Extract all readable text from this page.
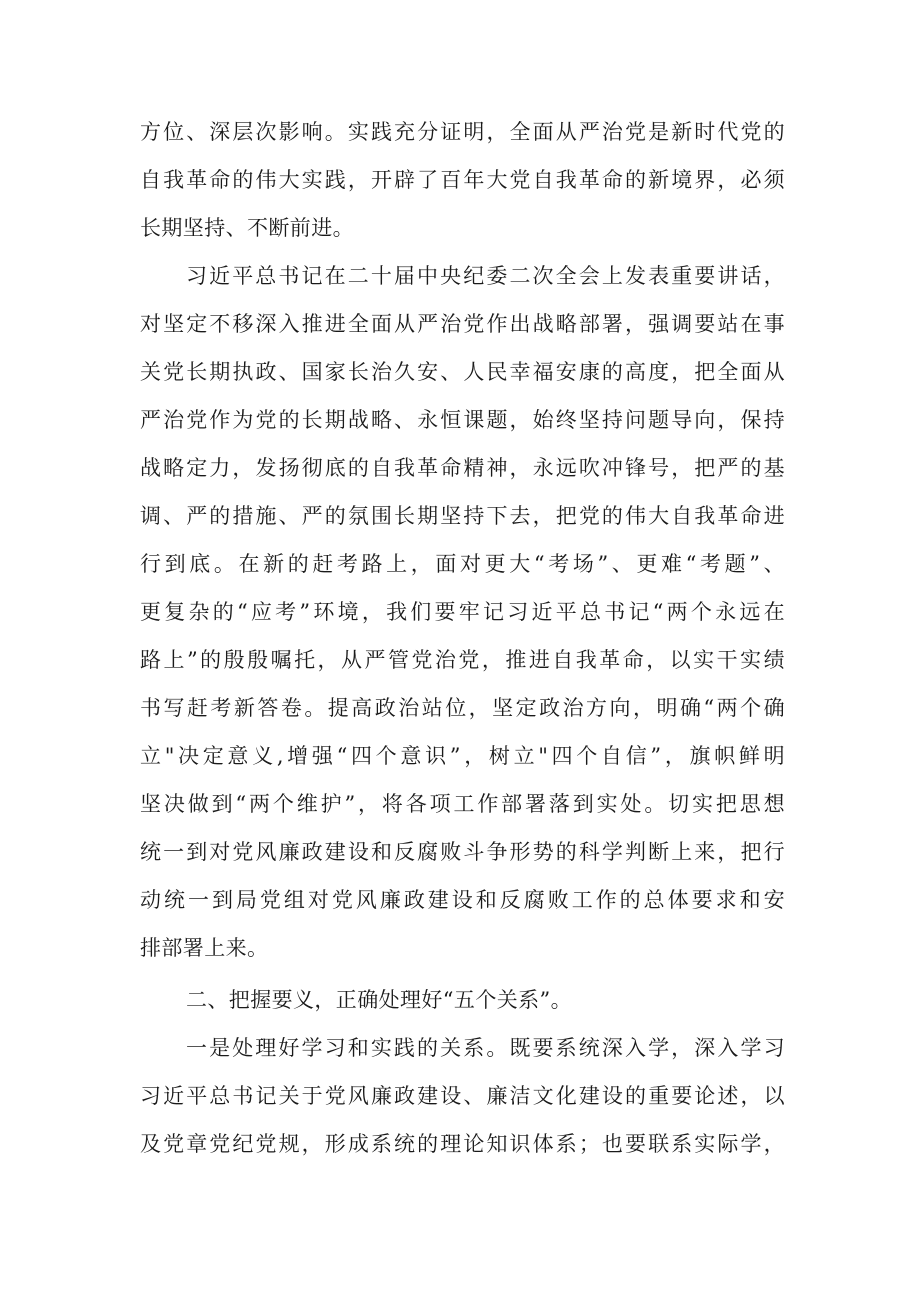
方位、深层次影响。实践充分证明，全面从严治党是新时代党的
自我革命的伟大实践，开辟了百年大党自我革命的新境界，必须
长期坚持、不断前进。
习近平总书记在二十届中央纪委二次全会上发表重要讲话，
对坚定不移深入推进全面从严治党作出战略部署，强调要站在事
关党长期执政、国家长治久安、人民幸福安康的高度，把全面从
严治党作为党的长期战略、永恒课题，始终坚持问题导向，保持
战略定力，发扬彻底的自我革命精神，永远吹冲锋号，把严的基
调、严的措施、严的氛围长期坚持下去，把党的伟大自我革命进
行到底。在新的赶考路上，面对更大“考场”、更难“考题”、
更复杂的“应考”环境，我们要牢记习近平总书记“两个永远在
路上”的殷殷嘱托，从严管党治党，推进自我革命，以实干实绩
书写赶考新答卷。提高政治站位，坚定政治方向，明确“两个确
立"决定意义,增强“四个意识”，树立"四个自信”，旗帜鲜明
坚决做到“两个维护”，将各项工作部署落到实处。切实把思想
统一到对党风廉政建设和反腐败斗争形势的科学判断上来，把行
动统一到局党组对党风廉政建设和反腐败工作的总体要求和安
排部署上来。
二、把握要义，正确处理好“五个关系”。
一是处理好学习和实践的关系。既要系统深入学，深入学习
习近平总书记关于党风廉政建设、廉洁文化建设的重要论述，以
及党章党纪党规，形成系统的理论知识体系；也要联系实际学，
